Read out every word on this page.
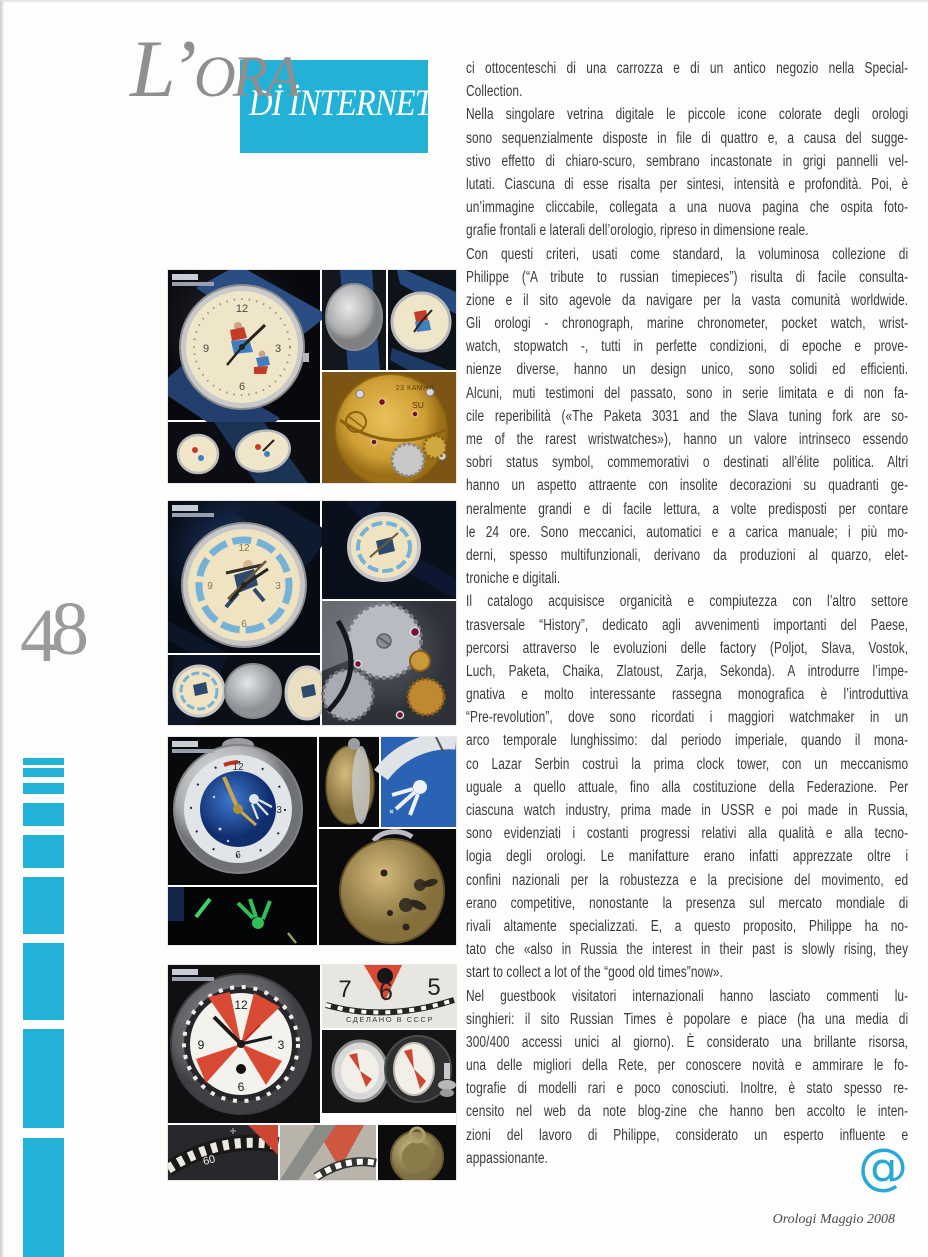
Dİ İNTERNET
L’ORA	ci ottocenteschi di una carrozza e di un antico negozio nella Special-
Collection.
Nella singolare vetrina digitale le piccole icone colorate degli orologi
sono sequenzialmente disposte in file di quattro e, a causa del sugge-
stivo effetto di chiaro-scuro, sembrano incastonate in grigi pannelli vel-
lutati. Ciascuna di esse risalta per sintesi, intensità e profondità. Poi, è
un’immagine cliccabile, collegata a una nuova pagina che ospita foto-
grafie frontali e laterali dell’orologio, ripreso in dimensione reale.
Con questi criteri, usati come standard, la voluminosa collezione di
Philippe (“A tribute to russian timepieces”) risulta di facile consulta-
zione e il sito agevole da navigare per la vasta comunità worldwide.
Gli orologi - chronograph, marine chronometer, pocket watch, wrist-
watch, stopwatch -, tutti in perfette condizioni, di epoche e prove-
nienze diverse, hanno un design unico, sono solidi ed efficienti.
Alcuni, muti testimoni del passato, sono in serie limitata e di non fa-
cile reperibilità («The Paketa 3031 and the Slava tuning fork are so-
me of the rarest wristwatches»), hanno un valore intrinseco essendo
sobri status symbol, commemorativi o destinati all’élite politica. Altri
hanno un aspetto attraente con insolite decorazioni su quadranti ge-
neralmente grandi e di facile lettura, a volte predisposti per contare
le 24 ore. Sono meccanici, automatici e a carica manuale; i più mo-
derni, spesso multifunzionali, derivano da produzioni al quarzo, elet-
troniche e digitali.
Il catalogo acquisisce organicità e compiutezza con l’altro settore
trasversale “History”, dedicato agli avvenimenti importanti del Paese,
percorsi attraverso le evoluzioni delle factory (Poljot, Slava, Vostok,
Luch, Paketa, Chaika, Zlatoust, Zarja, Sekonda). A introdurre l’impe-
gnativa e molto interessante rassegna monografica è l’introduttiva
“Pre-revolution”, dove sono ricordati i maggiori watchmaker in un
arco temporale lunghissimo: dal periodo imperiale, quando il mona-
co Lazar Serbin costruì la prima clock tower, con un meccanismo
uguale a quello attuale, fino alla costituzione della Federazione. Per
ciascuna watch industry, prima made in USSR e poi made in Russia,
sono evidenziati i costanti progressi relativi alla qualità e alla tecno-
logia degli orologi. Le manifatture erano infatti apprezzate oltre i
confini nazionali per la robustezza e la precisione del movimento, ed
erano competitive, nonostante la presenza sul mercato mondiale di
rivali altamente specializzati. E, a questo proposito, Philippe ha no-
tato che «also in Russia the interest in their past is slowly rising, they
start to collect a lot of the “good old times”now».
Nel guestbook visitatori internazionali hanno lasciato commenti lu-
singhieri: il sito Russian Times è popolare e piace (ha una media di
300/400 accessi unici al giorno). È considerato una brillante risorsa,
una delle migliori della Rete, per conoscere novità e ammirare le fo-
tografie di modelli rari e poco conosciuti. Inoltre, è stato spesso re-
censito nel web da note blog-zine che hanno ben accolto le inten-
zioni del lavoro di Philippe, considerato un esperto influente e
appassionante.
48
12
3
6
9
23 КАМНЯ
SU
12
3
6
9
12
3
6
12
3
6
9
7 6 5
СДЕЛАНО В СССР
60	@
Orologi Maggio 2008
